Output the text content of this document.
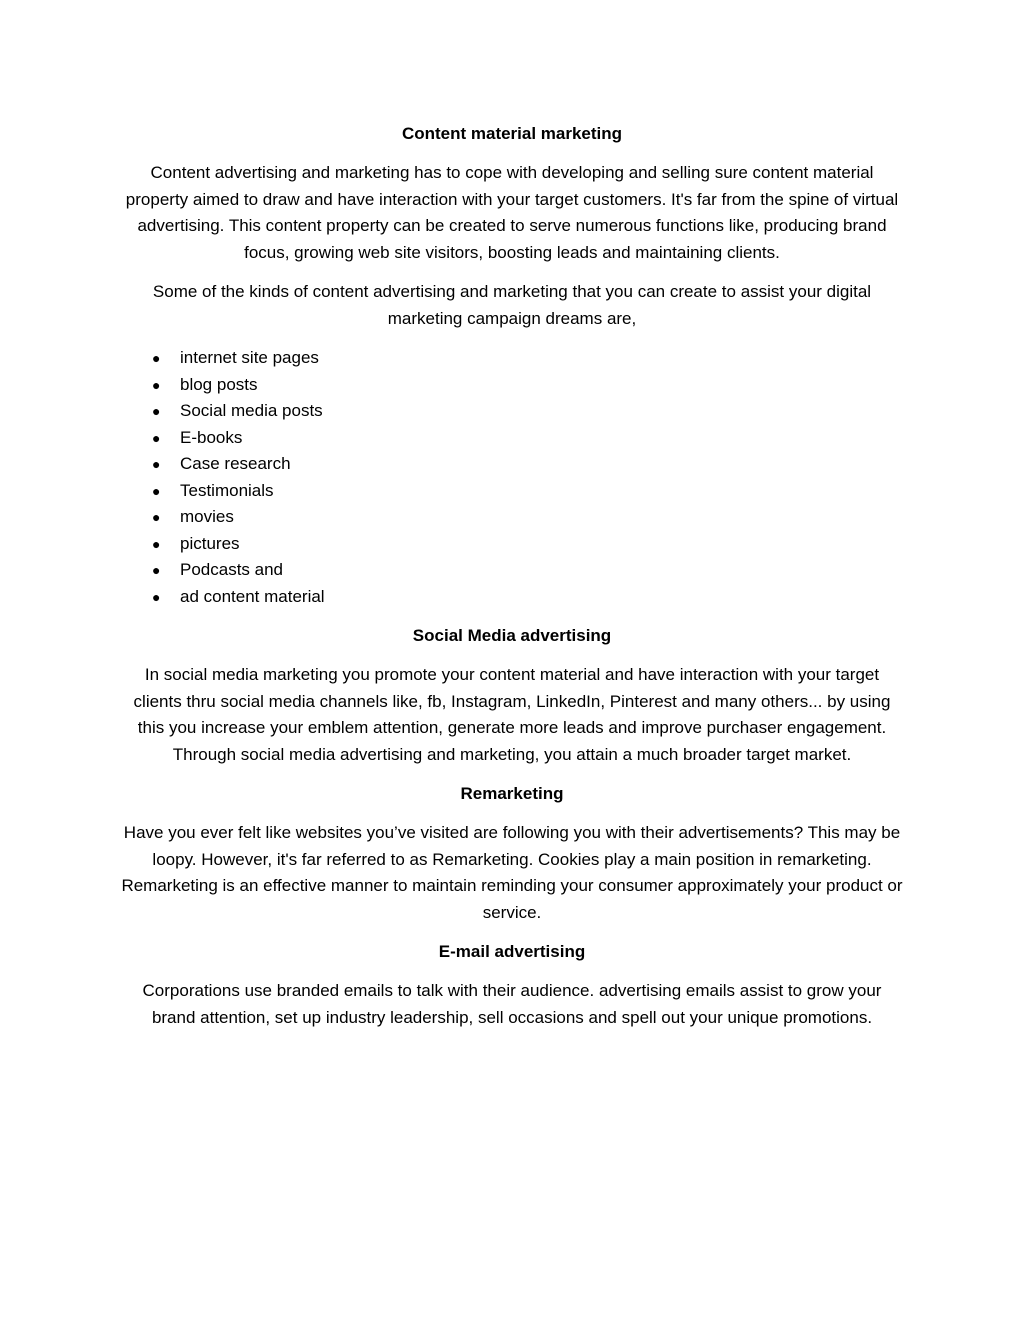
Content material marketing

Content advertising and marketing has to cope with developing and selling sure content material property aimed to draw and have interaction with your target customers. It's far from the spine of virtual advertising. This content property can be created to serve numerous functions like, producing brand focus, growing web site visitors, boosting leads and maintaining clients.

Some of the kinds of content advertising and marketing that you can create to assist your digital marketing campaign dreams are,

● internet site pages
● blog posts
● Social media posts
● E-books
● Case research
● Testimonials
● movies
● pictures
● Podcasts and
● ad content material
Social Media advertising

In social media marketing you promote your content material and have interaction with your target clients thru social media channels like, fb, Instagram, LinkedIn, Pinterest and many others... by using this you increase your emblem attention, generate more leads and improve purchaser engagement. Through social media advertising and marketing, you attain a much broader target market.

Remarketing

Have you ever felt like websites you’ve visited are following you with their advertisements? This may be loopy. However, it's far referred to as Remarketing. Cookies play a main position in remarketing. Remarketing is an effective manner to maintain reminding your consumer approximately your product or service.

E-mail advertising

Corporations use branded emails to talk with their audience. advertising emails assist to grow your brand attention, set up industry leadership, sell occasions and spell out your unique promotions.
